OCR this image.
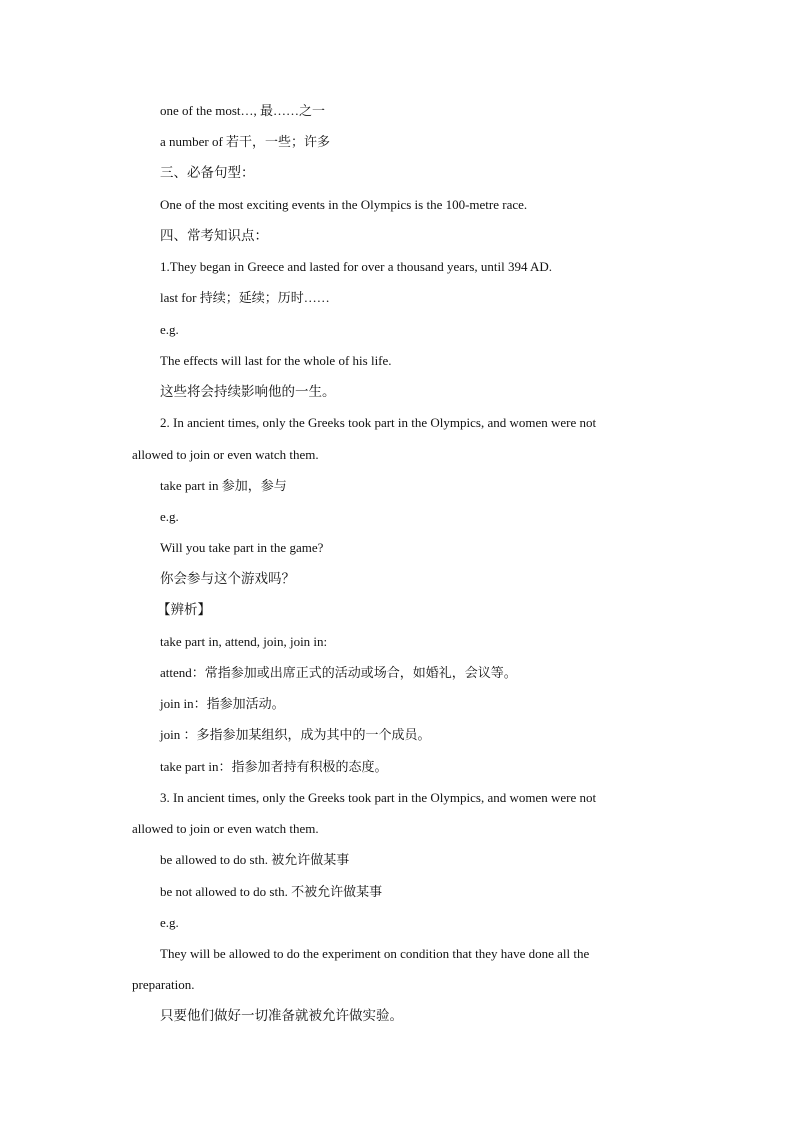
one of the most…, 最……之一
a number of 若干，一些；许多
三、必备句型：
One of the most exciting events in the Olympics is the 100-metre race.
四、常考知识点：
1.They began in Greece and lasted for over a thousand years, until 394 AD.
last for 持续；延续；历时……
e.g.
The effects will last for the whole of his life.
这些将会持续影响他的一生。
2. In ancient times, only the Greeks took part in the Olympics, and women were not
allowed to join or even watch them.
take part in 参加，参与
e.g.
Will you take part in the game?
你会参与这个游戏吗？
【辨析】
take part in, attend, join, join in:
attend：常指参加或出席正式的活动或场合，如婚礼，会议等。
join in：指参加活动。
join ：多指参加某组织，成为其中的一个成员。
take part in：指参加者持有积极的态度。
3. In ancient times, only the Greeks took part in the Olympics, and women were not
allowed to join or even watch them.
be allowed to do sth. 被允许做某事
be not allowed to do sth. 不被允许做某事
e.g.
They will be allowed to do the experiment on condition that they have done all the
preparation.
只要他们做好一切准备就被允许做实验。
